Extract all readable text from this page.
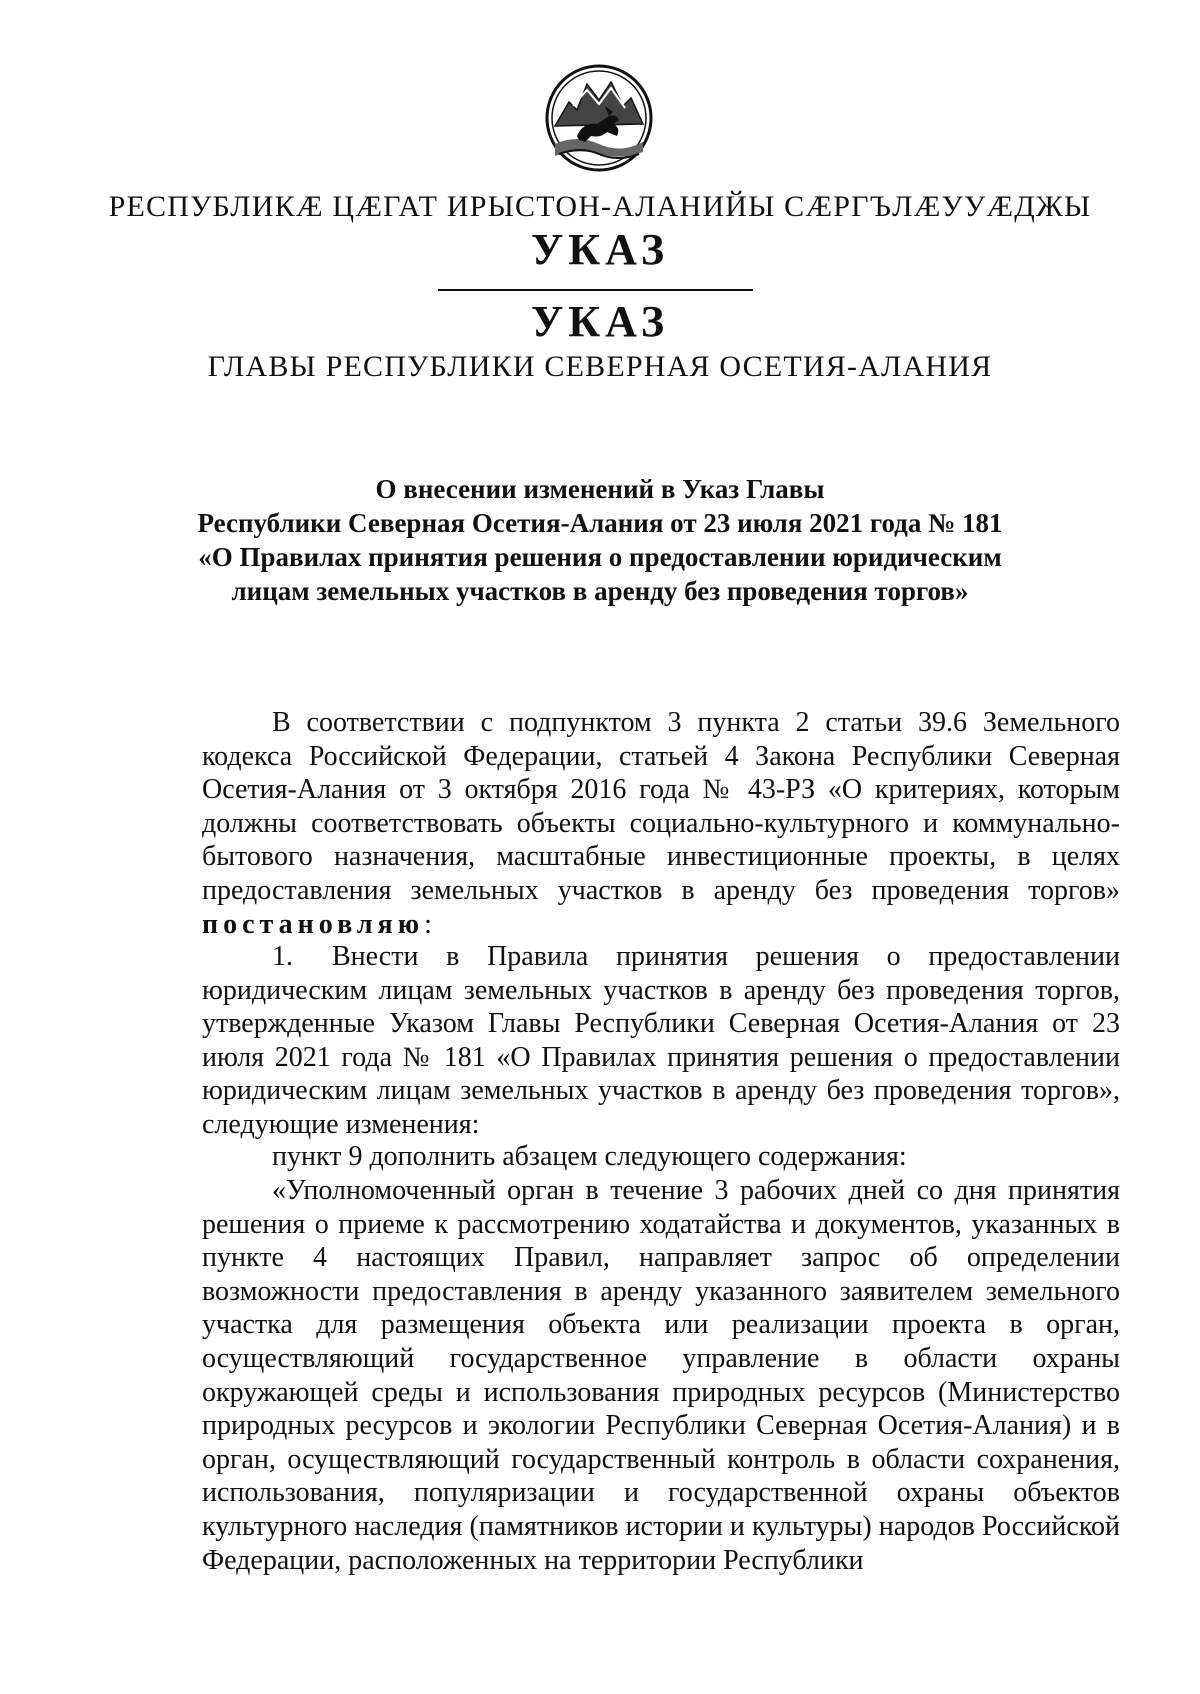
РЕСПУБЛИКӔ ЦӔГАТ ИРЫСТОН-АЛАНИЙЫ СӔРГЪЛӔУУӔДЖЫ
УКАЗ
УКАЗ
ГЛАВЫ РЕСПУБЛИКИ СЕВЕРНАЯ ОСЕТИЯ-АЛАНИЯ
О внесении изменений в Указ Главы
Республики Северная Осетия-Алания от 23 июля 2021 года № 181
«О Правилах принятия решения о предоставлении юридическим
лицам земельных участков в аренду без проведения торгов»

В соответствии с подпунктом 3 пункта 2 статьи 39.6 Земельного кодекса Российской Федерации, статьей 4 Закона Республики Северная Осетия-Алания от 3 октября 2016 года № 43-РЗ «О критериях, которым должны соответствовать объекты социально-культурного и коммунально-бытового назначения, масштабные инвестиционные проекты, в целях предоставления земельных участков в аренду без проведения торгов» постановляю:

1. Внести в Правила принятия решения о предоставлении юридическим лицам земельных участков в аренду без проведения торгов, утвержденные Указом Главы Республики Северная Осетия-Алания от 23 июля 2021 года № 181 «О Правилах принятия решения о предоставлении юридическим лицам земельных участков в аренду без проведения торгов», следующие изменения:

пункт 9 дополнить абзацем следующего содержания:

«Уполномоченный орган в течение 3 рабочих дней со дня принятия решения о приеме к рассмотрению ходатайства и документов, указанных в пункте 4 настоящих Правил, направляет запрос об определении возможности предоставления в аренду указанного заявителем земельного участка для размещения объекта или реализации проекта в орган, осуществляющий государственное управление в области охраны окружающей среды и использования природных ресурсов (Министерство природных ресурсов и экологии Республики Северная Осетия-Алания) и в орган, осуществляющий государственный контроль в области сохранения, использования, популяризации и государственной охраны объектов культурного наследия (памятников истории и культуры) народов Российской Федерации, расположенных на территории Республики
